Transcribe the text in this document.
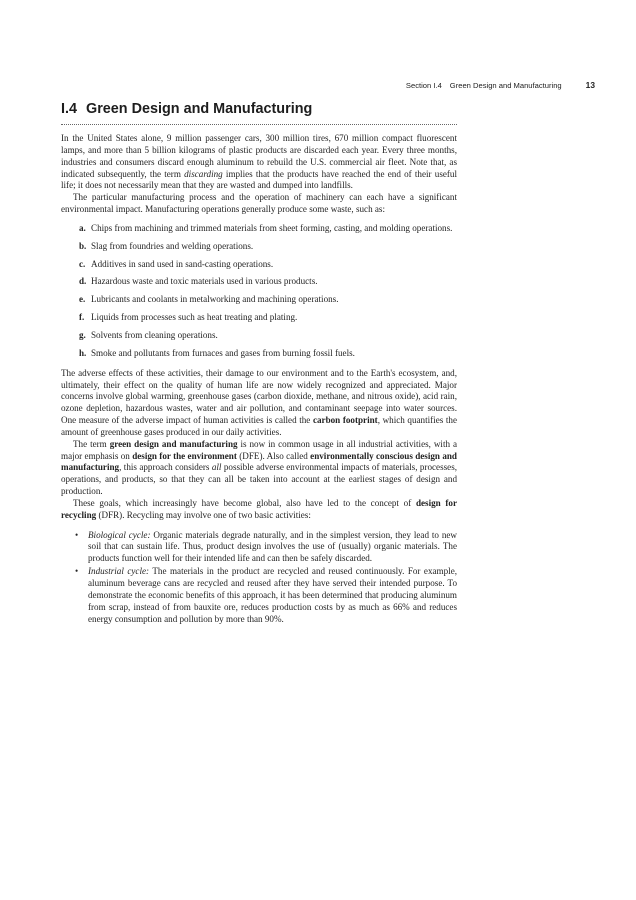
Section I.4 Green Design and Manufacturing	13
I.4 Green Design and Manufacturing

In the United States alone, 9 million passenger cars, 300 million tires, 670 million compact fluorescent lamps, and more than 5 billion kilograms of plastic products are discarded each year. Every three months, industries and consumers discard enough aluminum to rebuild the U.S. commercial air fleet. Note that, as indicated subsequently, the term discarding implies that the products have reached the end of their useful life; it does not necessarily mean that they are wasted and dumped into landfills.

The particular manufacturing process and the operation of machinery can each have a significant environmental impact. Manufacturing operations generally produce some waste, such as:

a. Chips from machining and trimmed materials from sheet forming, casting, and molding operations.
b. Slag from foundries and welding operations.
c. Additives in sand used in sand-casting operations.
d. Hazardous waste and toxic materials used in various products.
e. Lubricants and coolants in metalworking and machining operations.
f. Liquids from processes such as heat treating and plating.
g. Solvents from cleaning operations.
h. Smoke and pollutants from furnaces and gases from burning fossil fuels.

The adverse effects of these activities, their damage to our environment and to the Earth's ecosystem, and, ultimately, their effect on the quality of human life are now widely recognized and appreciated. Major concerns involve global warming, greenhouse gases (carbon dioxide, methane, and nitrous oxide), acid rain, ozone depletion, hazardous wastes, water and air pollution, and contaminant seepage into water sources. One measure of the adverse impact of human activities is called the carbon footprint, which quantifies the amount of greenhouse gases produced in our daily activities.

The term green design and manufacturing is now in common usage in all industrial activities, with a major emphasis on design for the environment (DFE). Also called environmentally conscious design and manufacturing, this approach considers all possible adverse environmental impacts of materials, processes, operations, and products, so that they can all be taken into account at the earliest stages of design and production.

These goals, which increasingly have become global, also have led to the concept of design for recycling (DFR). Recycling may involve one of two basic activities:

• Biological cycle: Organic materials degrade naturally, and in the simplest version, they lead to new soil that can sustain life. Thus, product design involves the use of (usually) organic materials. The products function well for their intended life and can then be safely discarded.
• Industrial cycle: The materials in the product are recycled and reused continuously. For example, aluminum beverage cans are recycled and reused after they have served their intended purpose. To demonstrate the economic benefits of this approach, it has been determined that producing aluminum from scrap, instead of from bauxite ore, reduces production costs by as much as 66% and reduces energy consumption and pollution by more than 90%.
